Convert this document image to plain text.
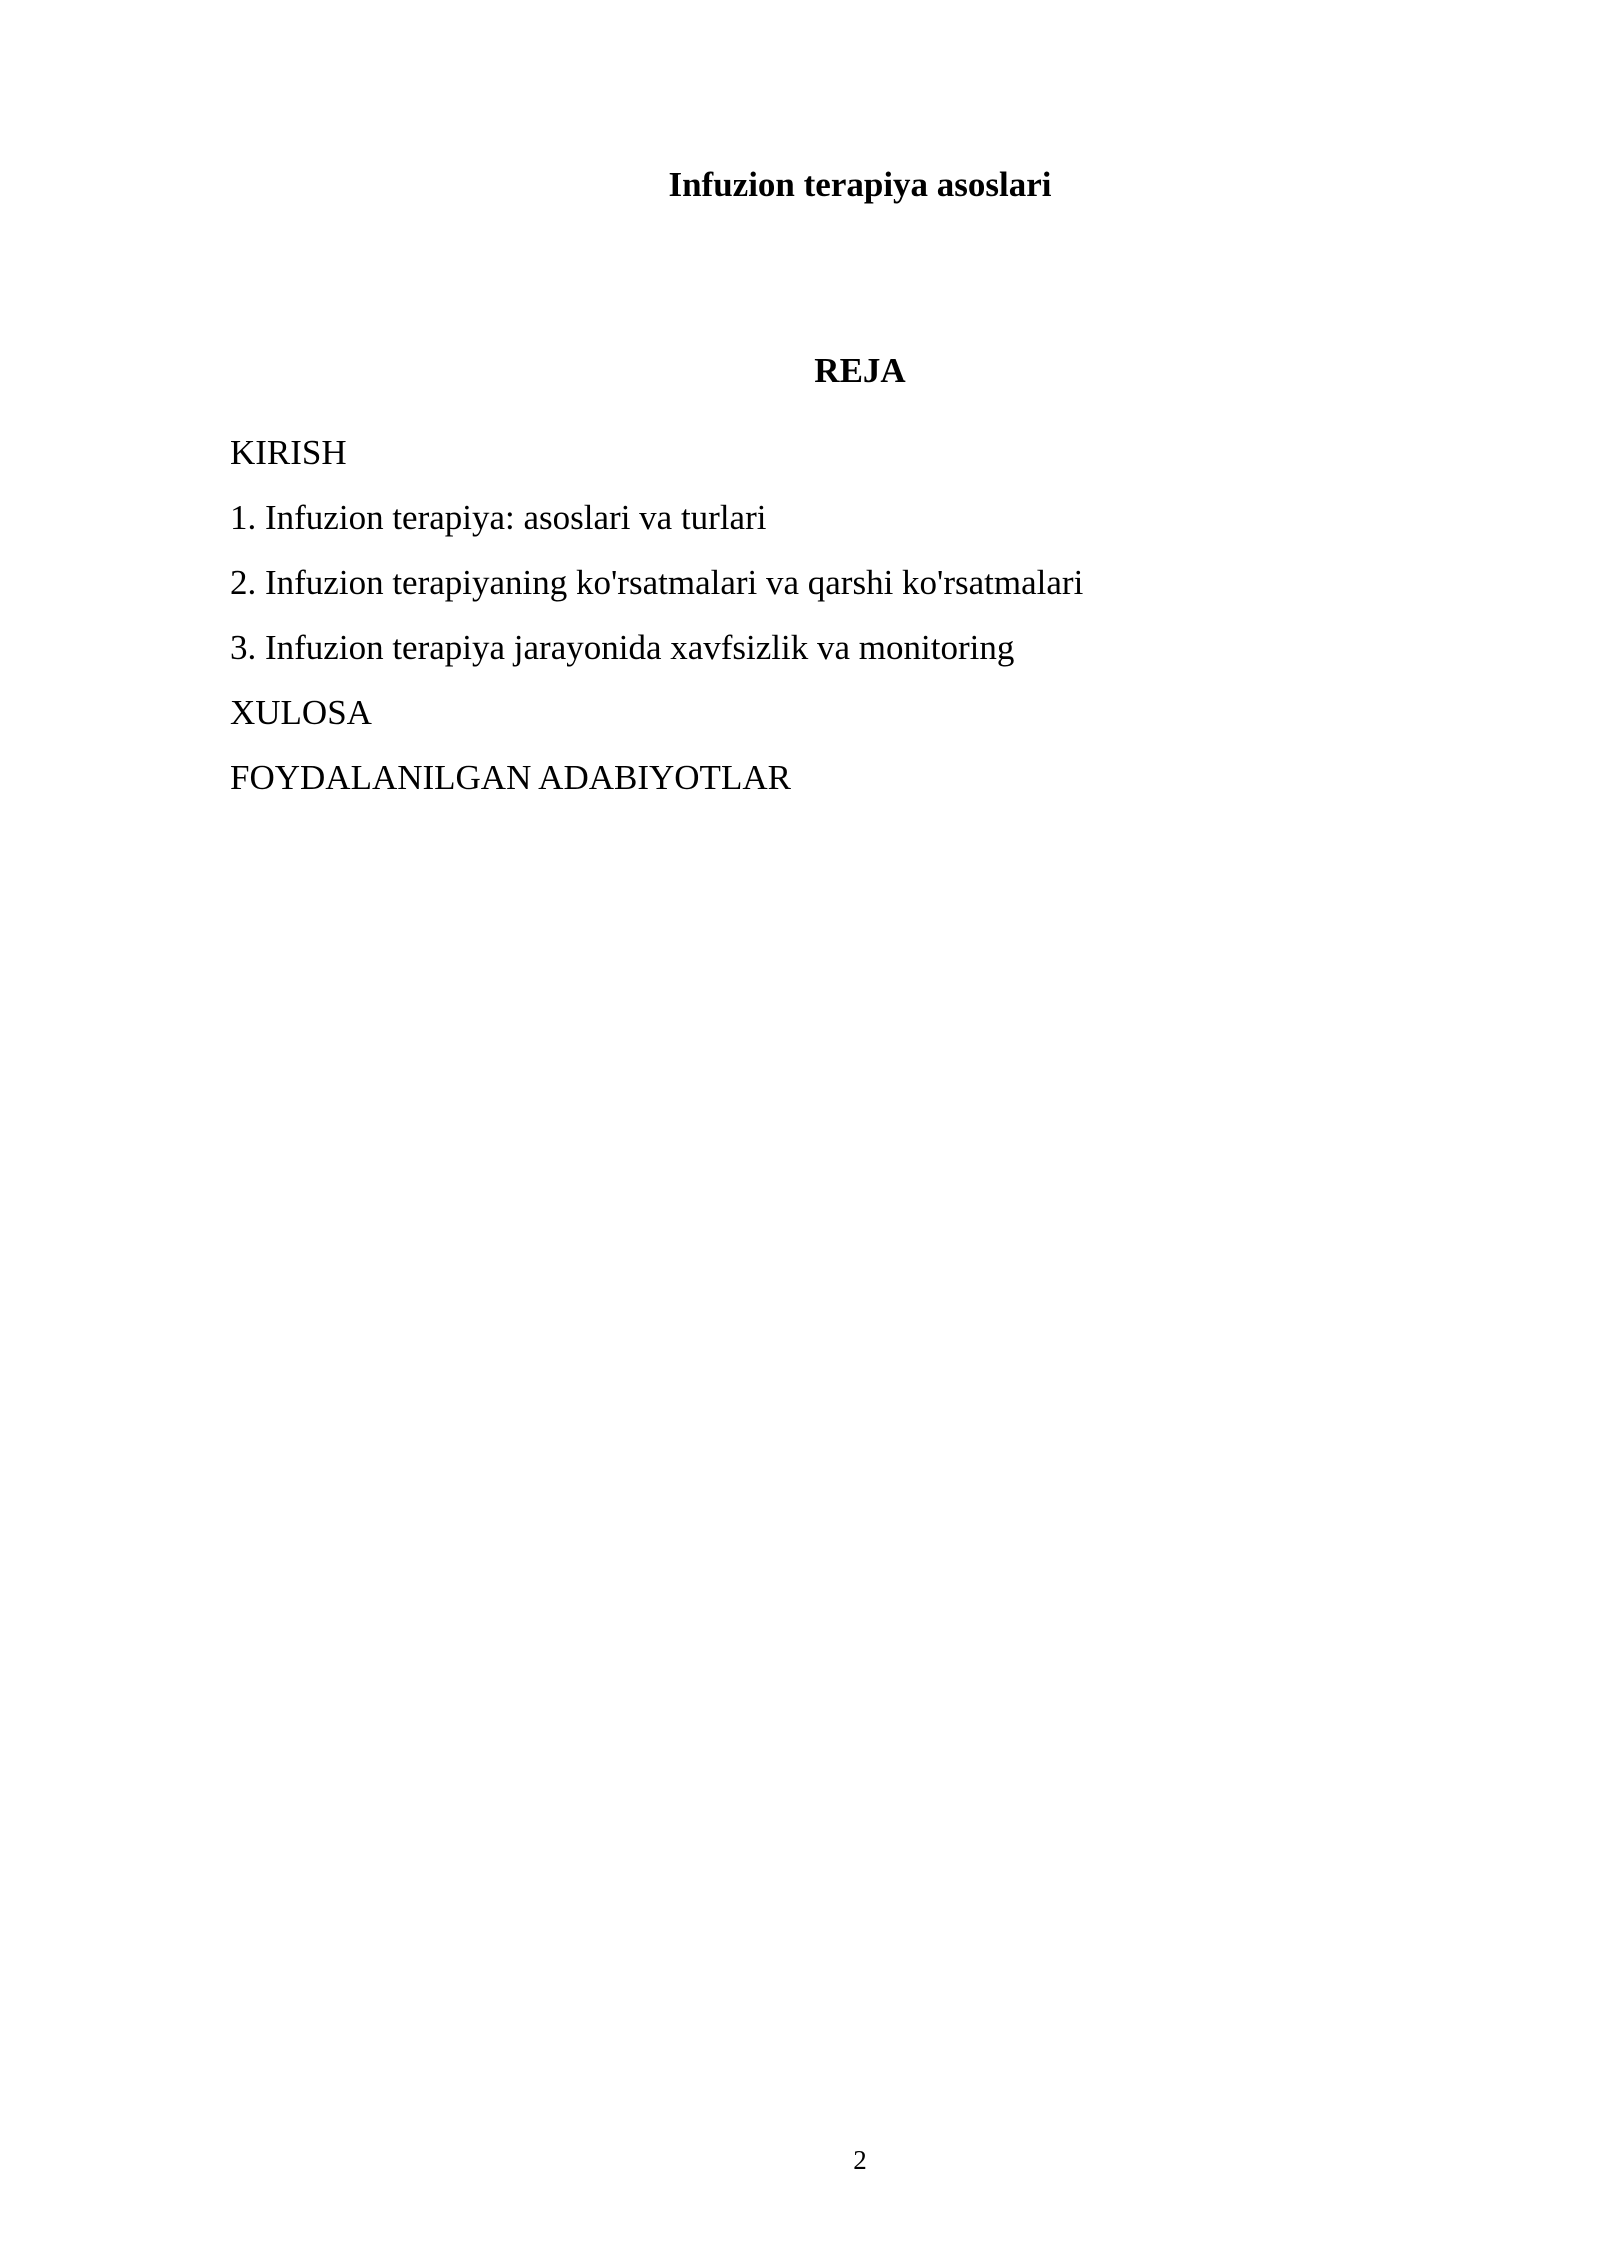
Infuzion terapiya asoslari
REJA
KIRISH
1. Infuzion terapiya: asoslari va turlari
2. Infuzion terapiyaning ko'rsatmalari va qarshi ko'rsatmalari
3. Infuzion terapiya jarayonida xavfsizlik va monitoring
XULOSA
FOYDALANILGAN ADABIYOTLAR
2
